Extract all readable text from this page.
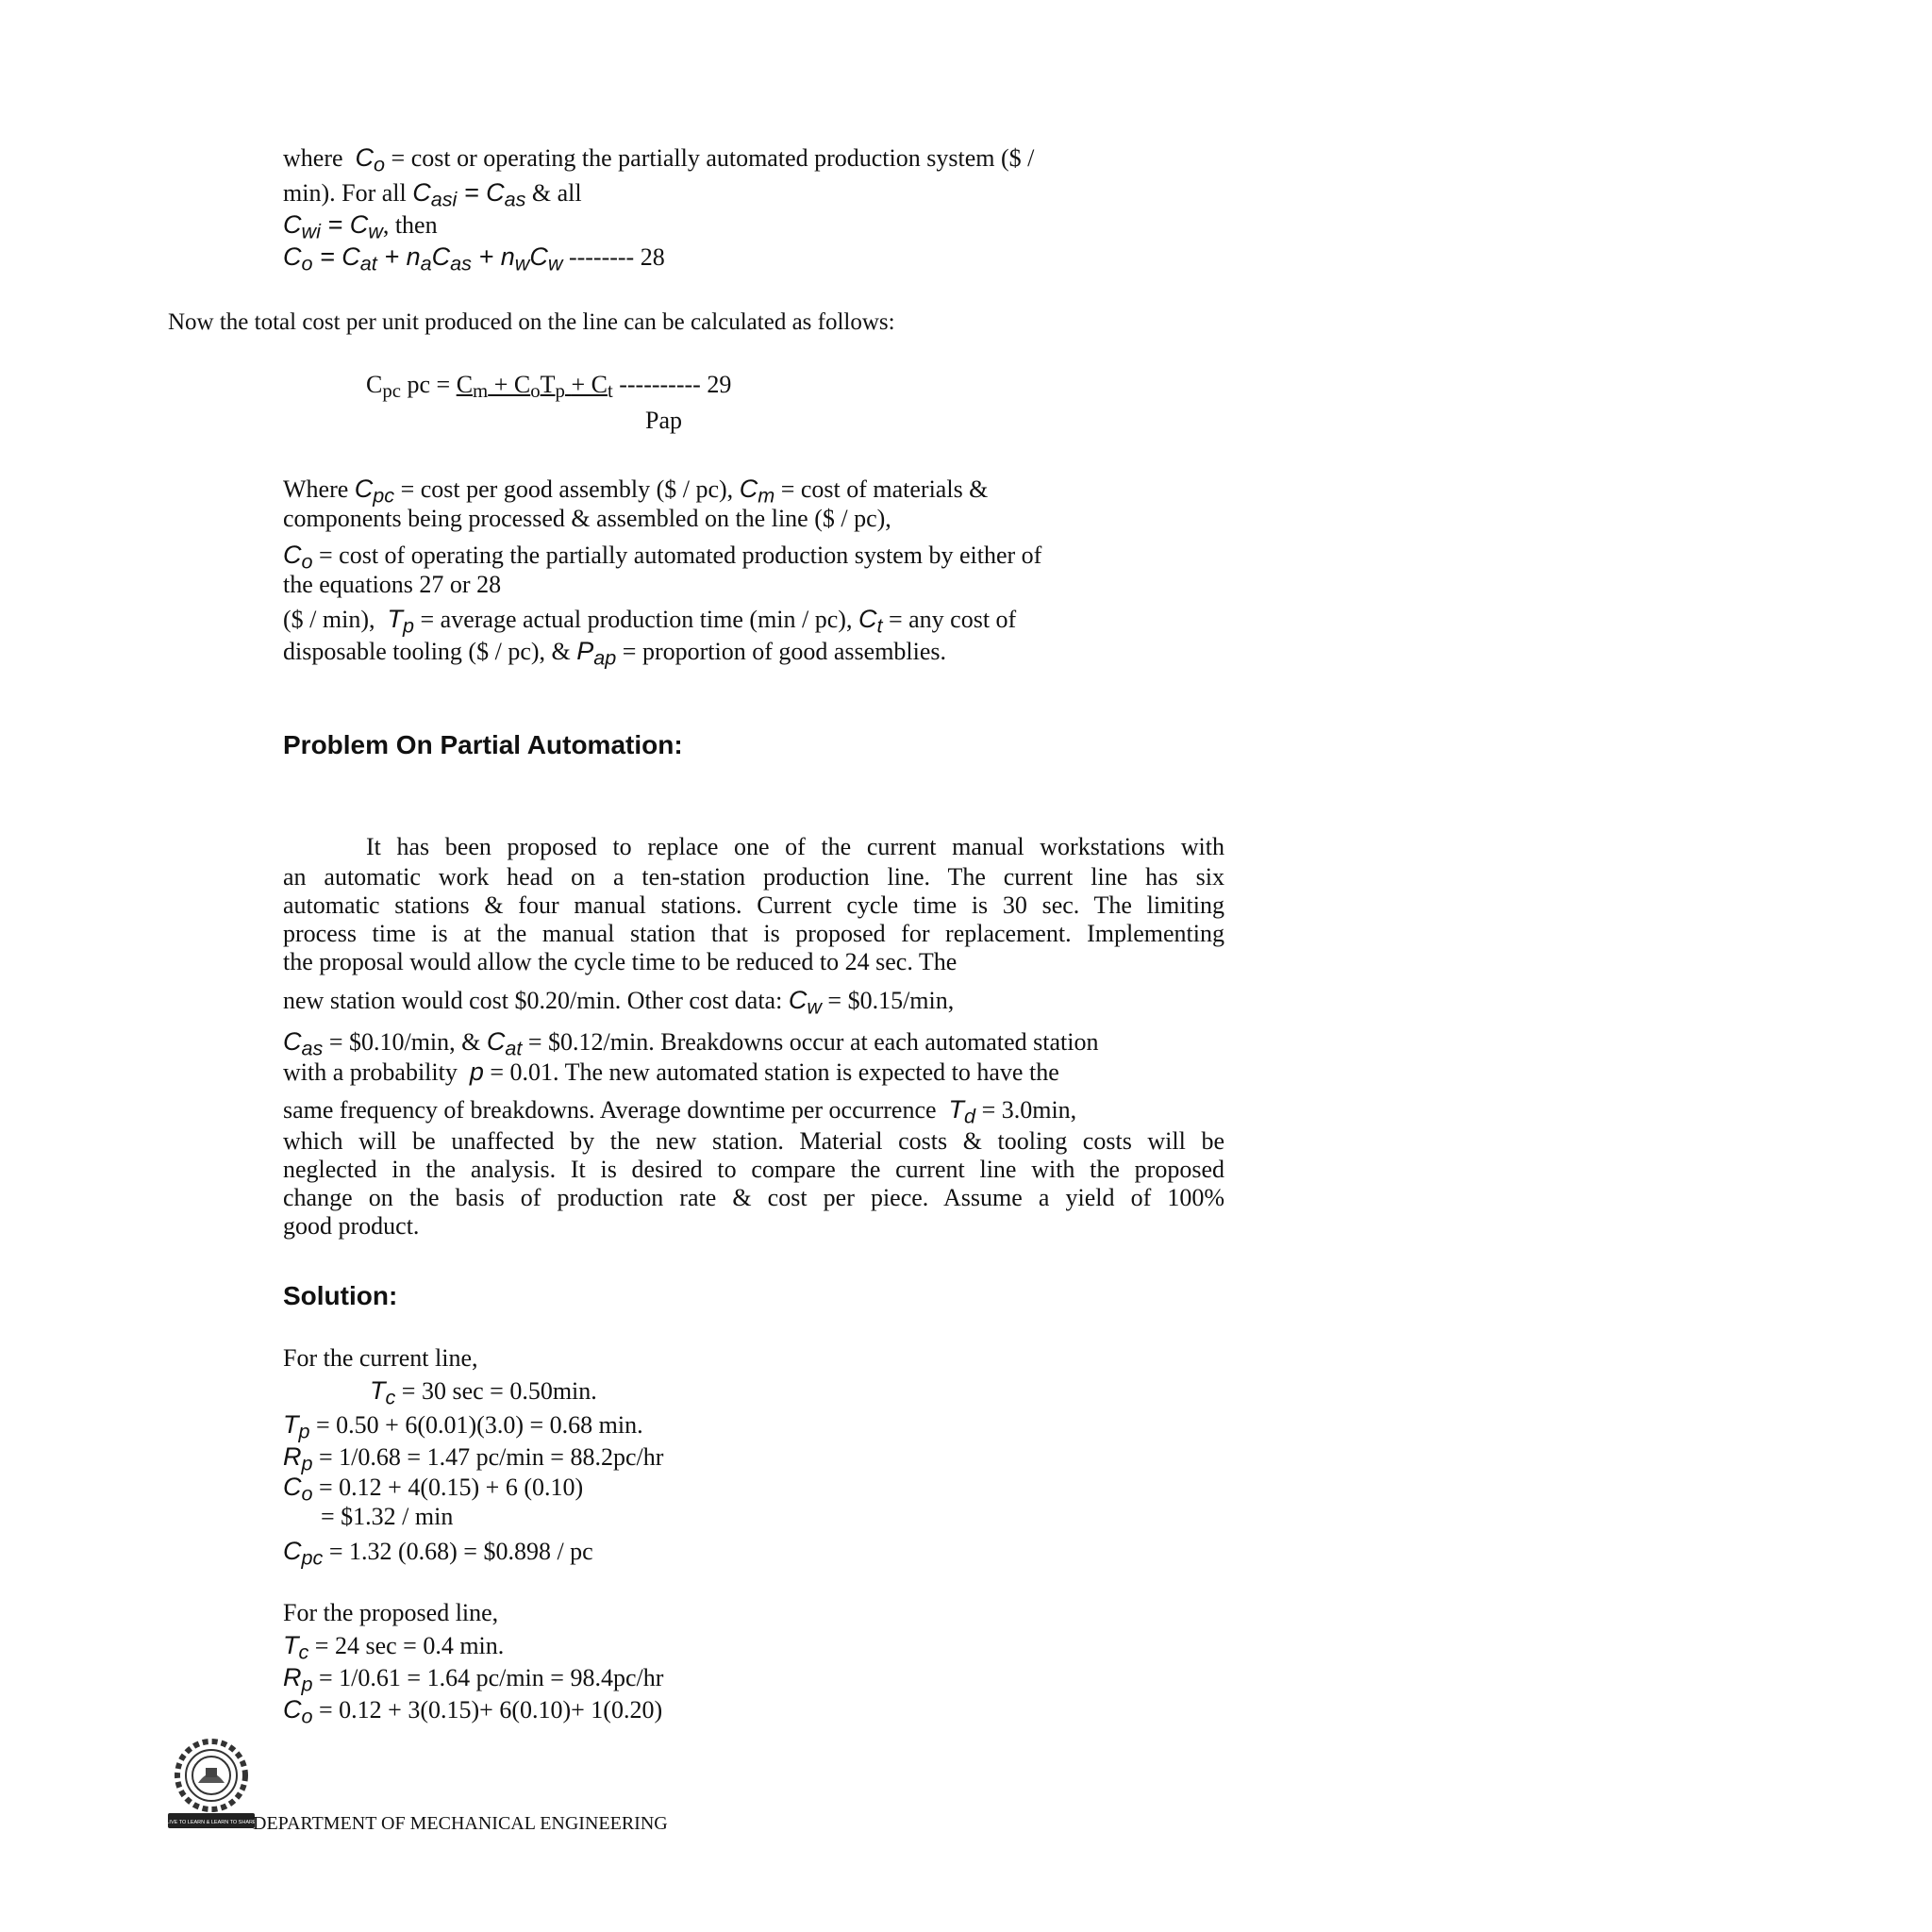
where $C_o = \cos t$ or operating the partially automated production system ($ /
min). For all $C_{asi} = C_{as}$ & all
$C_{wi} = C_w$, then
$C_o = C_{at} + n_aC_{as} + n_wC_w$ -------- 28
Now the total cost per unit produced on the line can be calculated as follows:
$C_{pc}$ pc = $C_m + C_oT_p + C_t$ ---------- 29
Pap
Where $C_{pc} = \cos t$ per good assembly ($ / pc), $C_m = \cos t$ of materials &
components being processed & assembled on the line ($ / pc),
$C_o = \cos t$ of operating the partially automated production system by either of
the equations 27 or 28
($ / min), $T_p$ = average actual production time (min / pc), $C_t$ = any cost of
disposable tooling ($ / pc), & $P_{ap}$ = proportion of good assemblies.
Problem On Partial Automation:
It has been proposed to replace one of the current manual workstations with
an automatic work head on a ten-station production line. The current line has six
automatic stations & four manual stations. Current cycle time is 30 sec. The limiting
process time is at the manual station that is proposed for replacement. Implementing
the proposal would allow the cycle time to be reduced to 24 sec. The
new station would cost $0.20/min. Other cost data: $C_w$ = $0.15/min,
$C_{as}$ = $0.10/min, & $C_{at}$ = $0.12/min. Breakdowns occur at each automated station
with a probability p = 0.01. The new automated station is expected to have the
same frequency of breakdowns. Average downtime per occurrence $T_d = 3.0\min$,
which will be unaffected by the new station. Material costs & tooling costs will be
neglected in the analysis. It is desired to compare the current line with the proposed
change on the basis of production rate & cost per piece. Assume a yield of 100%
good product.
Solution:
For the current line,
$T_c = 30$ sec = 0.50min.
$T_p = 0.50 + 6(0.01)(3.0) = 0.68$ min.
$R_p = 1/0.68 = 1.47$ pc/min = 88.2pc/hr
$C_o = 0.12 + 4(0.15) + 6$ (0.10)
= $1.32 / min
$C_{pc} = 1.32$ (0.68) = $0.898 / pc
For the proposed line,
$T_c = 24$ sec = 0.4 min.
$R_p = 1/0.61 = 1.64$ pc/min = 98.4pc/hr
$C_o = 0.12 + 3(0.15)+ 6(0.10)+ 1(0.20)$
LIVE TO LEARN & LEARN TO SHARE
DEPARTMENT OF MECHANICAL ENGINEERING
